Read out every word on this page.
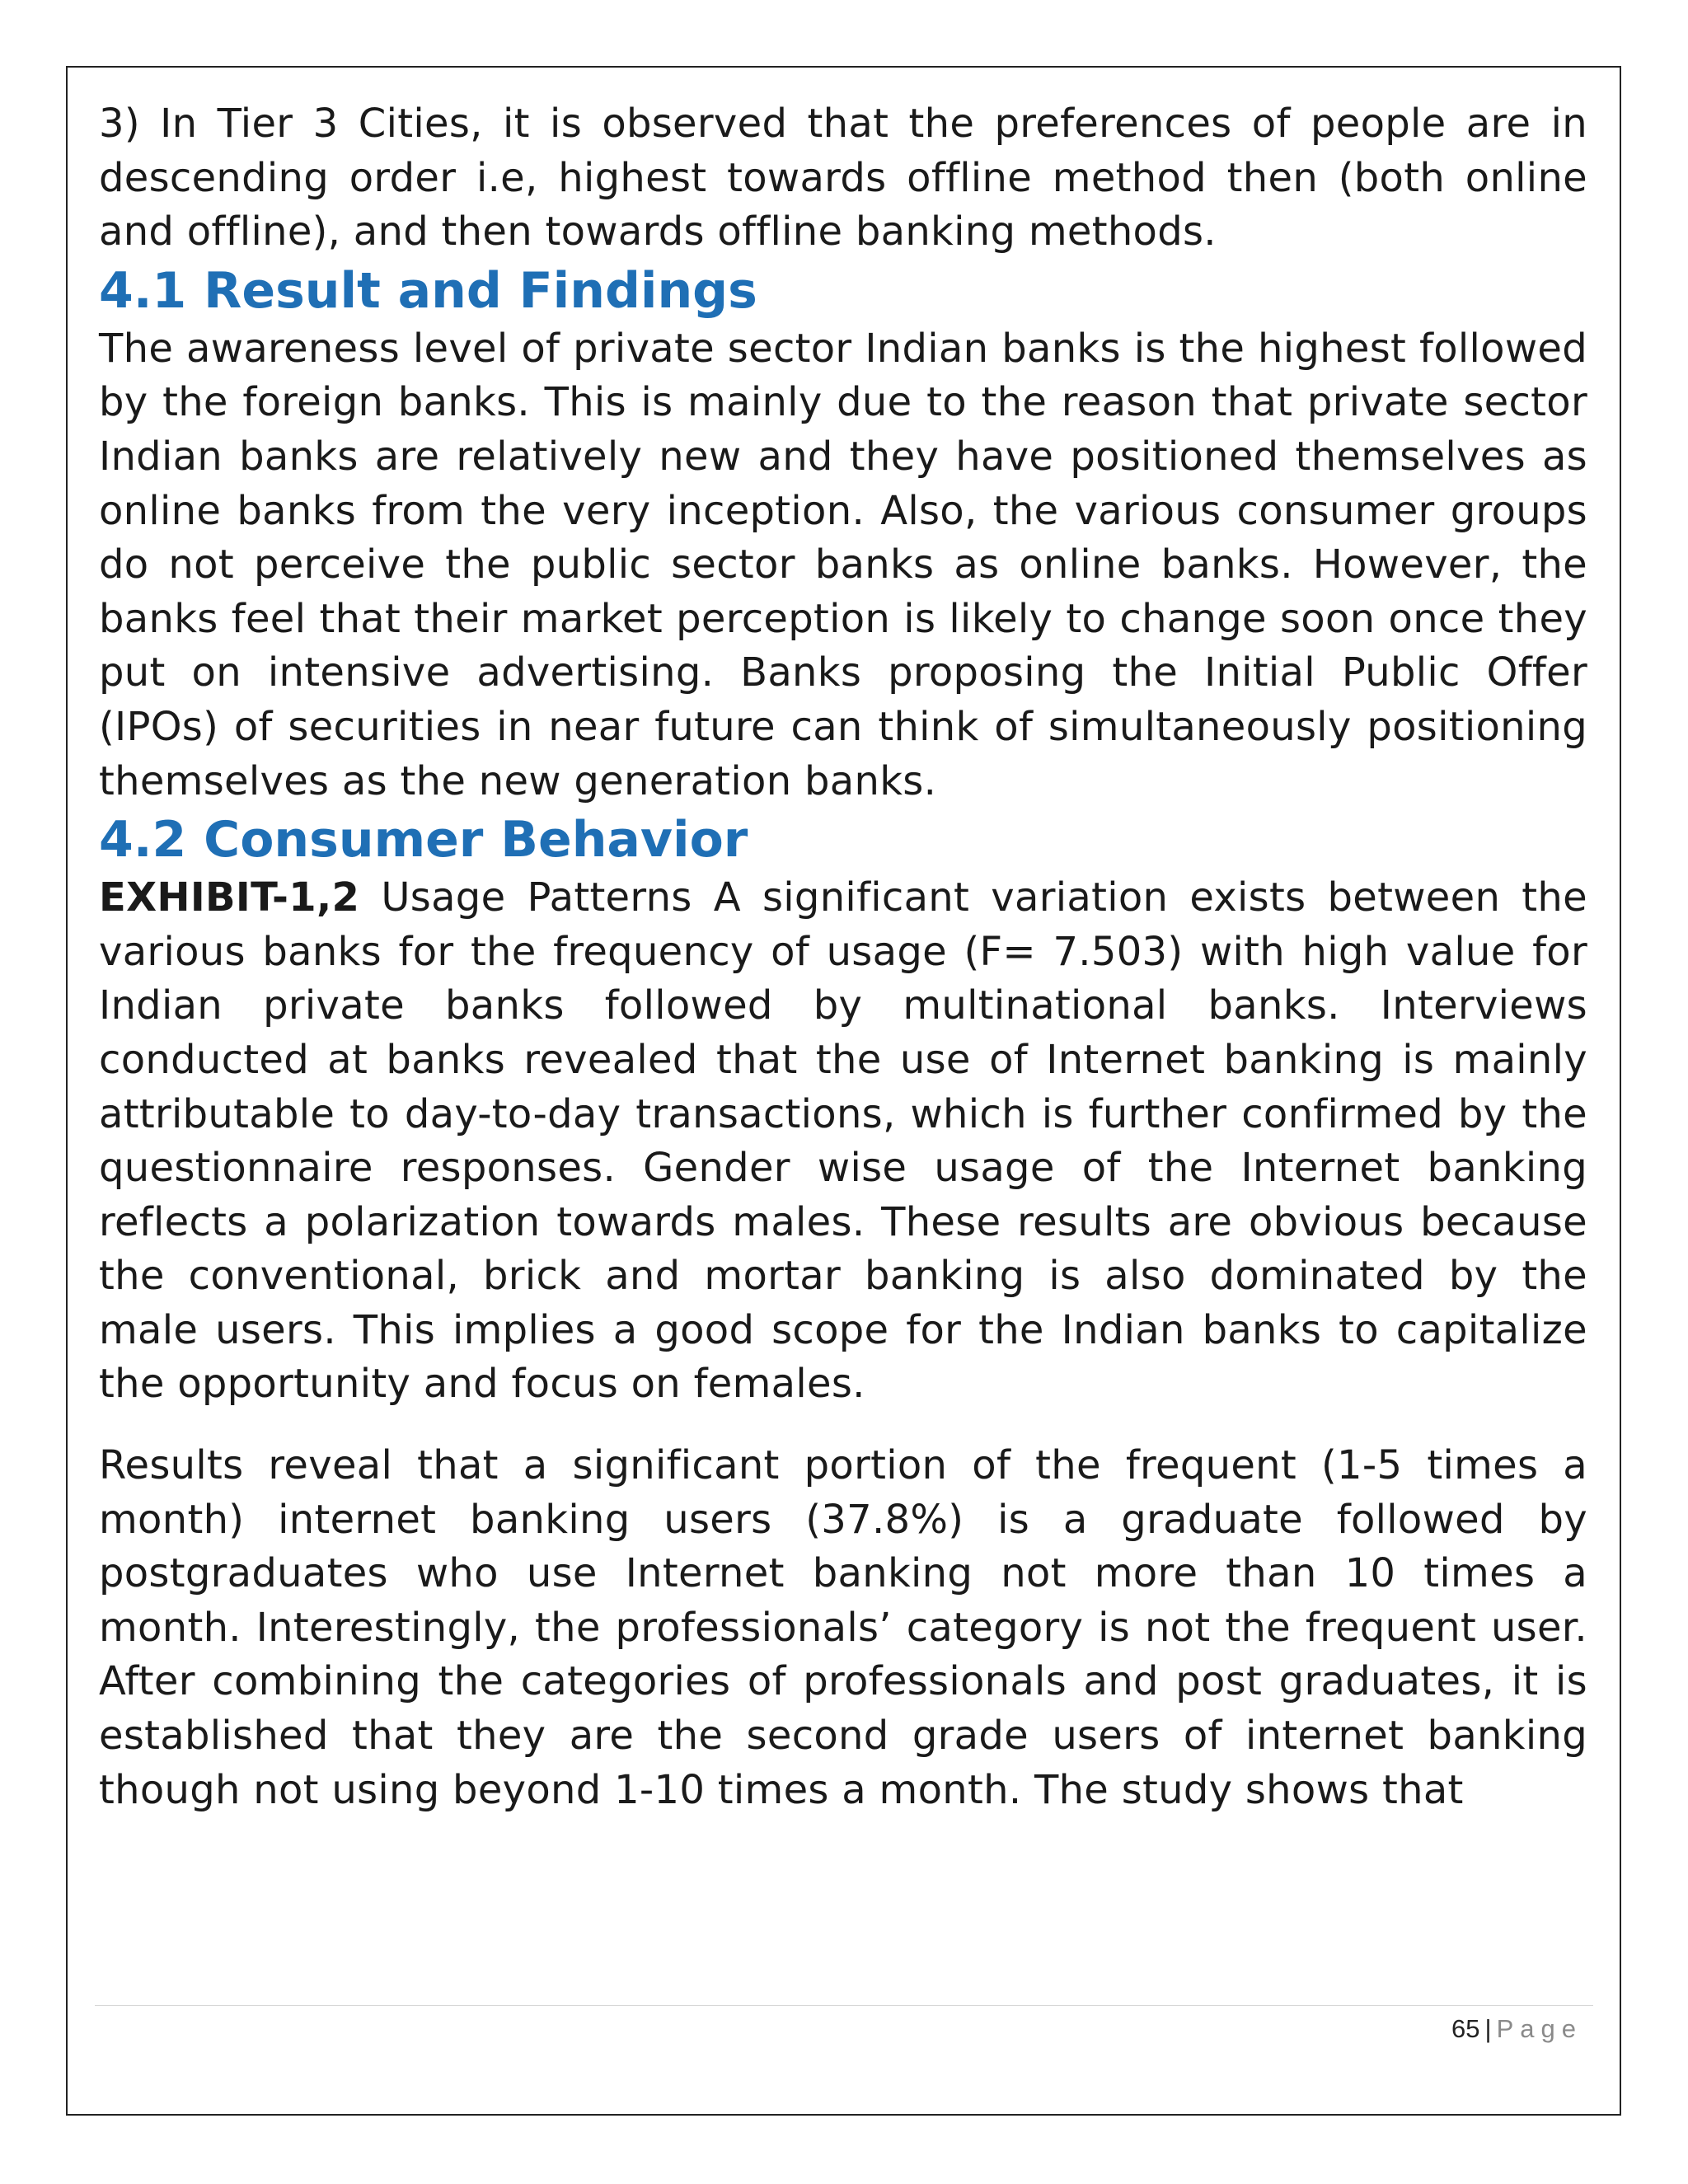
3) In Tier 3 Cities, it is observed that the preferences of people are in descending order i.e, highest towards offline method then (both online and offline), and then towards offline banking methods.

4.1 Result and Findings

The awareness level of private sector Indian banks is the highest followed by the foreign banks. This is mainly due to the reason that private sector Indian banks are relatively new and they have positioned themselves as online banks from the very inception. Also, the various consumer groups do not perceive the public sector banks as online banks. However, the banks feel that their market perception is likely to change soon once they put on intensive advertising. Banks proposing the Initial Public Offer (IPOs) of securities in near future can think of simultaneously positioning themselves as the new generation banks.

4.2 Consumer Behavior

EXHIBIT-1,2 Usage Patterns A significant variation exists between the various banks for the frequency of usage (F= 7.503) with high value for Indian private banks followed by multinational banks. Interviews conducted at banks revealed that the use of Internet banking is mainly attributable to day-to-day transactions, which is further confirmed by the questionnaire responses. Gender wise usage of the Internet banking reflects a polarization towards males. These results are obvious because the conventional, brick and mortar banking is also dominated by the male users. This implies a good scope for the Indian banks to capitalize the opportunity and focus on females.

Results reveal that a significant portion of the frequent (1-5 times a month) internet banking users (37.8%) is a graduate followed by postgraduates who use Internet banking not more than 10 times a month. Interestingly, the professionals’ category is not the frequent user. After combining the categories of professionals and post graduates, it is established that they are the second grade users of internet banking though not using beyond 1-10 times a month. The study shows that

65 | Page
